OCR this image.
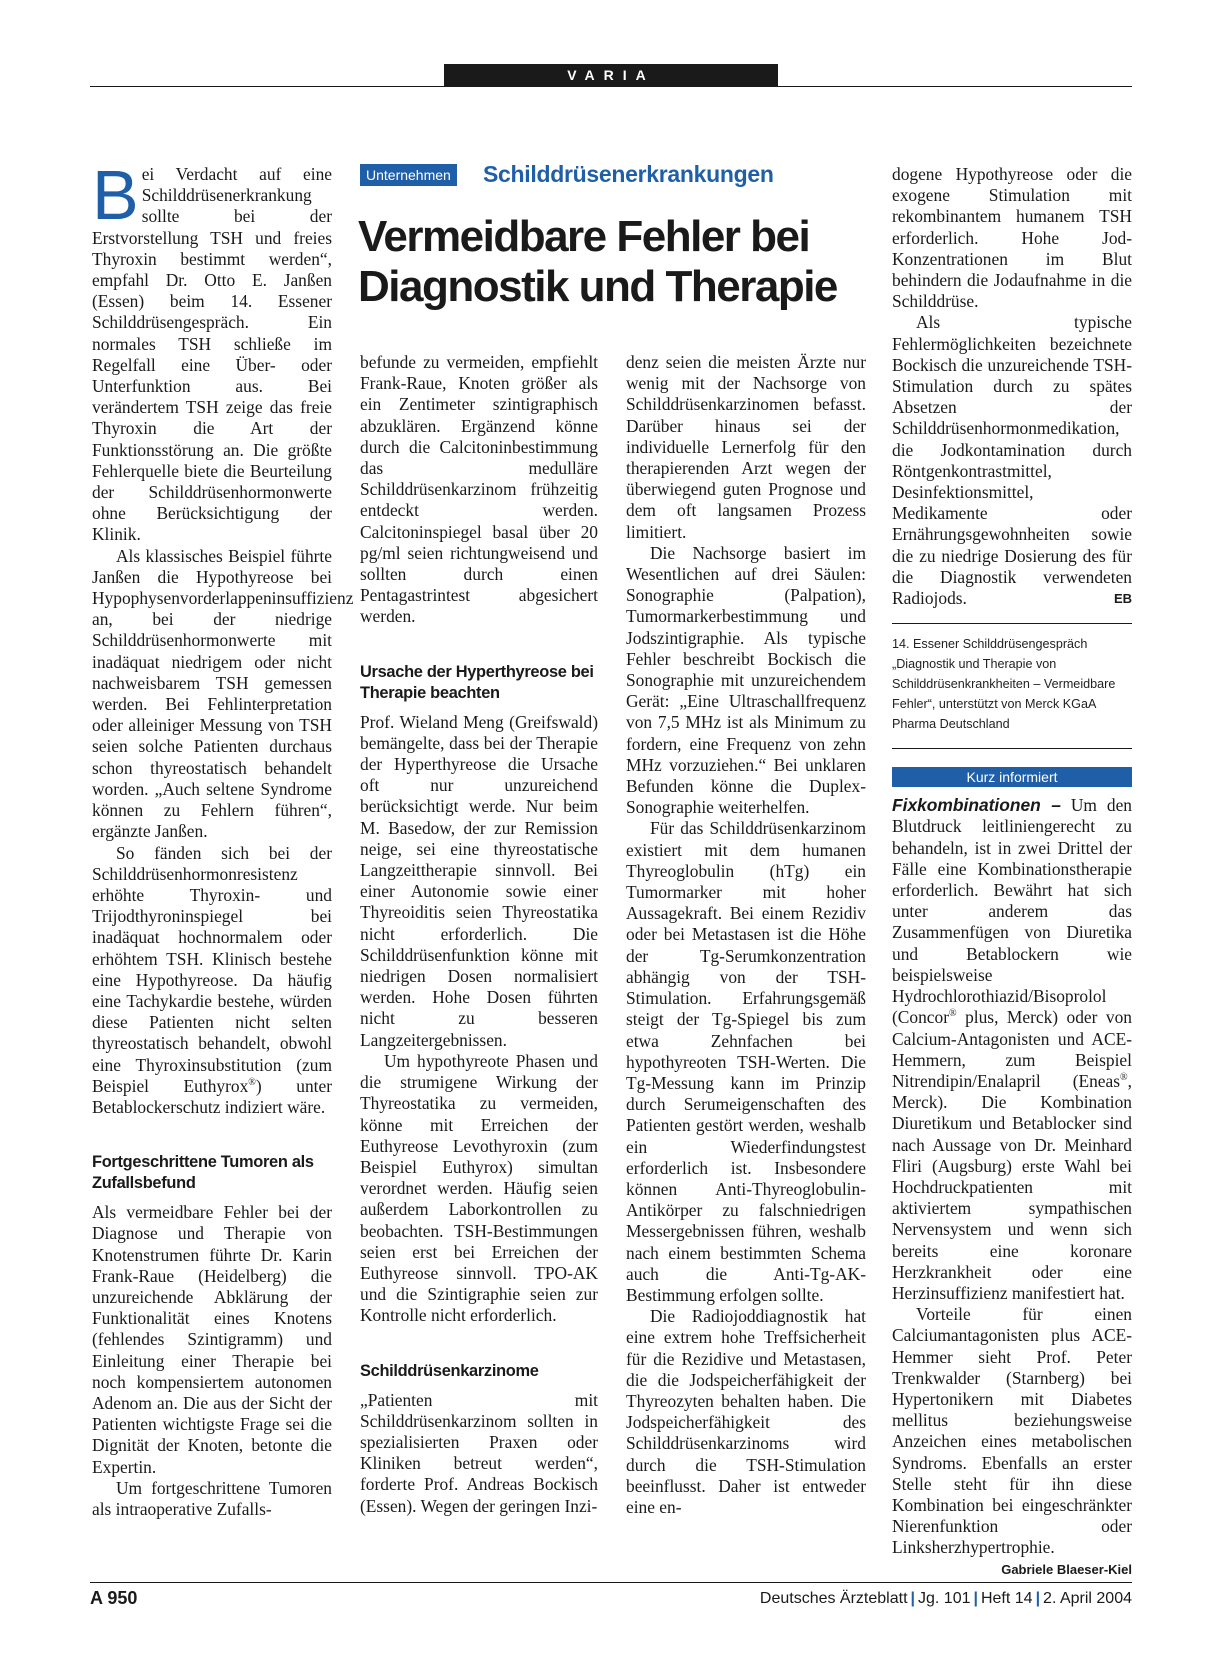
VARIA
Unternehmen Schilddrüsenerkrankungen
Vermeidbare Fehler bei
Diagnostik und Therapie

Bei Verdacht auf eine Schilddrüsenerkrankung sollte bei der Erstvorstellung TSH und freies Thyroxin bestimmt werden“, empfahl Dr. Otto E. Janßen (Essen) beim 14. Essener Schilddrüsengespräch. Ein normales TSH schließe im Regelfall eine Über- oder Unterfunktion aus. Bei verändertem TSH zeige das freie Thyroxin die Art der Funktionsstörung an. Die größte Fehlerquelle biete die Beurteilung der Schilddrüsenhormonwerte ohne Berücksichtigung der Klinik.

Als klassisches Beispiel führte Janßen die Hypothyreose bei Hypophysenvorderlappeninsuffizienz an, bei der niedrige Schilddrüsenhormonwerte mit inadäquat niedrigem oder nicht nachweisbarem TSH gemessen werden. Bei Fehlinterpretation oder alleiniger Messung von TSH seien solche Patienten durchaus schon thyreostatisch behandelt worden. „Auch seltene Syndrome können zu Fehlern führen“, ergänzte Janßen.

So fänden sich bei der Schilddrüsenhormonresistenz erhöhte Thyroxin- und Trijodthyroninspiegel bei inadäquat hochnormalem oder erhöhtem TSH. Klinisch bestehe eine Hypothyreose. Da häufig eine Tachykardie bestehe, würden diese Patienten nicht selten thyreostatisch behandelt, obwohl eine Thyroxinsubstitution (zum Beispiel Euthyrox®) unter Betablockerschutz indiziert wäre.

Fortgeschrittene Tumoren als Zufallsbefund

Als vermeidbare Fehler bei der Diagnose und Therapie von Knotenstrumen führte Dr. Karin Frank-Raue (Heidelberg) die unzureichende Abklärung der Funktionalität eines Knotens (fehlendes Szintigramm) und Einleitung einer Therapie bei noch kompensiertem autonomen Adenom an. Die aus der Sicht der Patienten wichtigste Frage sei die Dignität der Knoten, betonte die Expertin.

Um fortgeschrittene Tumoren als intraoperative Zufalls-

befunde zu vermeiden, empfiehlt Frank-Raue, Knoten größer als ein Zentimeter szintigraphisch abzuklären. Ergänzend könne durch die Calcitoninbestimmung das medulläre Schilddrüsenkarzinom frühzeitig entdeckt werden. Calcitoninspiegel basal über 20 pg/ml seien richtungweisend und sollten durch einen Pentagastrintest abgesichert werden.

Ursache der Hyperthyreose bei Therapie beachten

Prof. Wieland Meng (Greifswald) bemängelte, dass bei der Therapie der Hyperthyreose die Ursache oft nur unzureichend berücksichtigt werde. Nur beim M. Basedow, der zur Remission neige, sei eine thyreostatische Langzeittherapie sinnvoll. Bei einer Autonomie sowie einer Thyreoiditis seien Thyreostatika nicht erforderlich. Die Schilddrüsenfunktion könne mit niedrigen Dosen normalisiert werden. Hohe Dosen führten nicht zu besseren Langzeitergebnissen.

Um hypothyreote Phasen und die strumigene Wirkung der Thyreostatika zu vermeiden, könne mit Erreichen der Euthyreose Levothyroxin (zum Beispiel Euthyrox) simultan verordnet werden. Häufig seien außerdem Laborkontrollen zu beobachten. TSH-Bestimmungen seien erst bei Erreichen der Euthyreose sinnvoll. TPO-AK und die Szintigraphie seien zur Kontrolle nicht erforderlich.

Schilddrüsenkarzinome

„Patienten mit Schilddrüsenkarzinom sollten in spezialisierten Praxen oder Kliniken betreut werden“, forderte Prof. Andreas Bockisch (Essen). Wegen der geringen Inzi-

denz seien die meisten Ärzte nur wenig mit der Nachsorge von Schilddrüsenkarzinomen befasst. Darüber hinaus sei der individuelle Lernerfolg für den therapierenden Arzt wegen der überwiegend guten Prognose und dem oft langsamen Prozess limitiert.

Die Nachsorge basiert im Wesentlichen auf drei Säulen: Sonographie (Palpation), Tumormarkerbestimmung und Jodszintigraphie. Als typische Fehler beschreibt Bockisch die Sonographie mit unzureichendem Gerät: „Eine Ultraschallfrequenz von 7,5 MHz ist als Minimum zu fordern, eine Frequenz von zehn MHz vorzuziehen.“ Bei unklaren Befunden könne die Duplex-Sonographie weiterhelfen.

Für das Schilddrüsenkarzinom existiert mit dem humanen Thyreoglobulin (hTg) ein Tumormarker mit hoher Aussagekraft. Bei einem Rezidiv oder bei Metastasen ist die Höhe der Tg-Serumkonzentration abhängig von der TSH-Stimulation. Erfahrungsgemäß steigt der Tg-Spiegel bis zum etwa Zehnfachen bei hypothyreoten TSH-Werten. Die Tg-Messung kann im Prinzip durch Serumeigenschaften des Patienten gestört werden, weshalb ein Wiederfindungstest erforderlich ist. Insbesondere können Anti-Thyreoglobulin-Antikörper zu falschniedrigen Messergebnissen führen, weshalb nach einem bestimmten Schema auch die Anti-Tg-AK-Bestimmung erfolgen sollte.

Die Radiojoddiagnostik hat eine extrem hohe Treffsicherheit für die Rezidive und Metastasen, die die Jodspeicherfähigkeit der Thyreozyten behalten haben. Die Jodspeicherfähigkeit des Schilddrüsenkarzinoms wird durch die TSH-Stimulation beeinflusst. Daher ist entweder eine en-

dogene Hypothyreose oder die exogene Stimulation mit rekombinantem humanem TSH erforderlich. Hohe Jod-Konzentrationen im Blut behindern die Jodaufnahme in die Schilddrüse.

Als typische Fehlermöglichkeiten bezeichnete Bockisch die unzureichende TSH-Stimulation durch zu spätes Absetzen der Schilddrüsenhormonmedikation, die Jodkontamination durch Röntgenkontrastmittel, Desinfektionsmittel, Medikamente oder Ernährungsgewohnheiten sowie die zu niedrige Dosierung des für die Diagnostik verwendeten Radiojods.	EB

14. Essener Schilddrüsengespräch „Diagnostik und Therapie von Schilddrüsenkrankheiten – Vermeidbare Fehler“, unterstützt von Merck KGaA Pharma Deutschland
Kurz informiert

Fixkombinationen – Um den Blutdruck leitliniengerecht zu behandeln, ist in zwei Drittel der Fälle eine Kombinationstherapie erforderlich. Bewährt hat sich unter anderem das Zusammenfügen von Diuretika und Betablockern wie beispielsweise Hydrochlorothiazid/Bisoprolol (Concor® plus, Merck) oder von Calcium-Antagonisten und ACE-Hemmern, zum Beispiel Nitrendipin/Enalapril (Eneas®, Merck). Die Kombination Diuretikum und Betablocker sind nach Aussage von Dr. Meinhard Fliri (Augsburg) erste Wahl bei Hochdruckpatienten mit aktiviertem sympathischen Nervensystem und wenn sich bereits eine koronare Herzkrankheit oder eine Herzinsuffizienz manifestiert hat.

Vorteile für einen Calciumantagonisten plus ACE-Hemmer sieht Prof. Peter Trenkwalder (Starnberg) bei Hypertonikern mit Diabetes mellitus beziehungsweise Anzeichen eines metabolischen Syndroms. Ebenfalls an erster Stelle steht für ihn diese Kombination bei eingeschränkter Nierenfunktion oder Linksherzhypertrophie.
Gabriele Blaeser-Kiel

A 950	Deutsches Ärzteblatt | Jg. 101 | Heft 14 | 2. April 2004
